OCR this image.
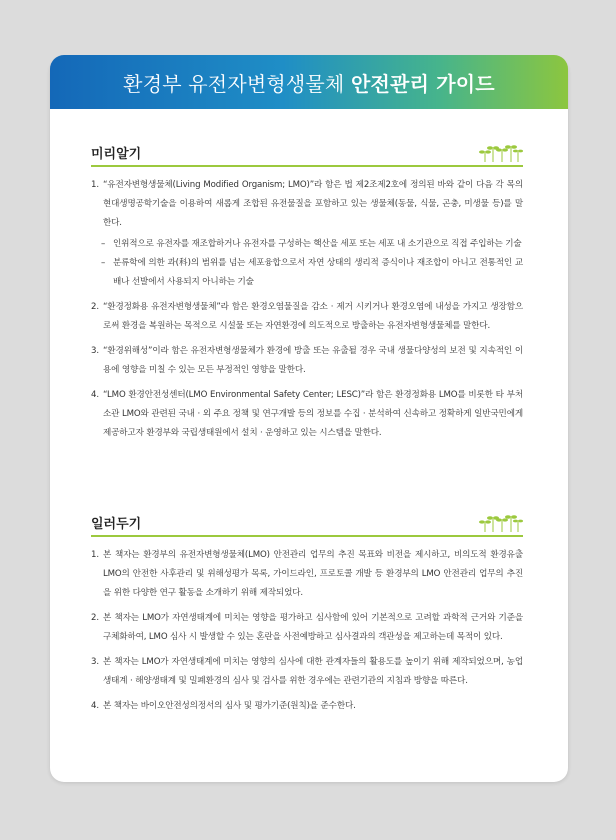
환경부 유전자변형생물체 안전관리 가이드
미리알기
1. “유전자변형생물체(Living Modified Organism; LMO)”라 함은 법 제2조제2호에 정의된 바와 같이 다음 각 목의 현대생명공학기술을 이용하여 새롭게 조합된 유전물질을 포함하고 있는 생물체(동물, 식물, 곤충, 미생물 등)를 말한다.
– 인위적으로 유전자를 재조합하거나 유전자를 구성하는 핵산을 세포 또는 세포 내 소기관으로 직접 주입하는 기술
– 분류학에 의한 과(科)의 범위를 넘는 세포융합으로서 자연 상태의 생리적 증식이나 재조합이 아니고 전통적인 교배나 선발에서 사용되지 아니하는 기술
2. “환경정화용 유전자변형생물체”라 함은 환경오염물질을 감소 · 제거 시키거나 환경오염에 내성을 가지고 생장함으로써 환경을 복원하는 목적으로 시설물 또는 자연환경에 의도적으로 방출하는 유전자변형생물체를 말한다.
3. “환경위해성”이라 함은 유전자변형생물체가 환경에 방출 또는 유출될 경우 국내 생물다양성의 보전 및 지속적인 이용에 영향을 미칠 수 있는 모든 부정적인 영향을 말한다.
4. “LMO 환경안전성센터(LMO Environmental Safety Center; LESC)”라 함은 환경정화용 LMO를 비롯한 타 부처 소관 LMO와 관련된 국내 · 외 주요 정책 및 연구개발 등의 정보를 수집 · 분석하여 신속하고 정확하게 일반국민에게 제공하고자 환경부와 국립생태원에서 설치 · 운영하고 있는 시스템을 말한다.
일러두기
1. 본 책자는 환경부의 유전자변형생물체(LMO) 안전관리 업무의 추진 목표와 비전을 제시하고, 비의도적 환경유출 LMO의 안전한 사후관리 및 위해성평가 목록, 가이드라인, 프로토콜 개발 등 환경부의 LMO 안전관리 업무의 추진을 위한 다양한 연구 활동을 소개하기 위해 제작되었다.
2. 본 책자는 LMO가 자연생태계에 미치는 영향을 평가하고 심사함에 있어 기본적으로 고려할 과학적 근거와 기준을 구체화하여, LMO 심사 시 발생할 수 있는 혼란을 사전예방하고 심사결과의 객관성을 제고하는데 목적이 있다.
3. 본 책자는 LMO가 자연생태계에 미치는 영향의 심사에 대한 관계자들의 활용도를 높이기 위해 제작되었으며, 농업생태계 · 해양생태계 및 밀폐환경의 심사 및 검사를 위한 경우에는 관련기관의 지침과 방향을 따른다.
4. 본 책자는 바이오안전성의정서의 심사 및 평가기준(원칙)을 준수한다.
